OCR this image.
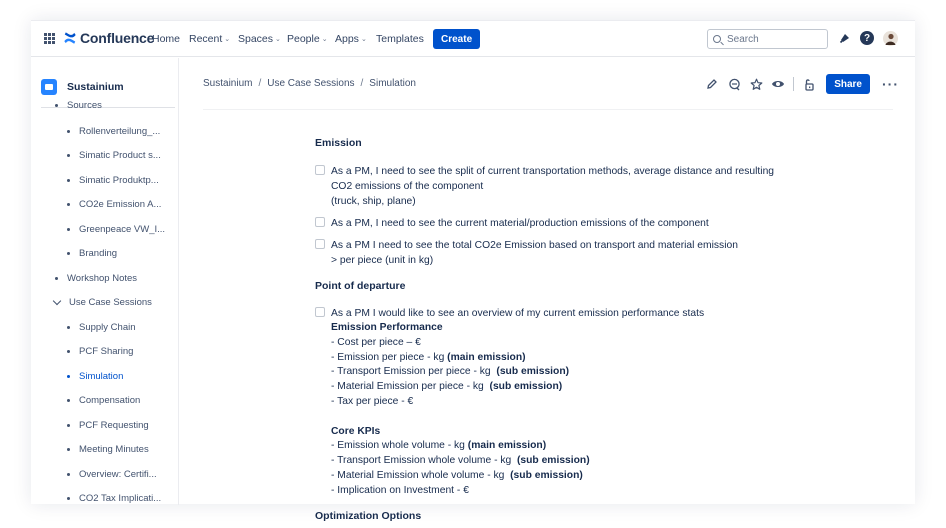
Confluence
Home Recent ⌄ Spaces ⌄ People ⌄ Apps ⌄ Templates	Create	Search	?
Sustainium
Sources
Rollenverteilung_...
Simatic Product s...
Simatic Produktp...
CO2e Emission A...
Greenpeace VW_I...
Branding
Workshop Notes
Use Case Sessions
Supply Chain
PCF Sharing
Simulation
Compensation
PCF Requesting
Meeting Minutes
Overview: Certifi...
CO2 Tax Implicati...
Sustainium / Use Case Sessions / Simulation	Share	···
Emission
As a PM, I need to see the split of current transportation methods, average distance and resulting
CO2 emissions of the component
(truck, ship, plane)
As a PM, I need to see the current material/production emissions of the component
As a PM I need to see the total CO2e Emission based on transport and material emission
> per piece (unit in kg)
Point of departure
As a PM I would like to see an overview of my current emission performance stats
Emission Performance
- Cost per piece – €
- Emission per piece - kg (main emission)
- Transport Emission per piece - kg  (sub emission)
- Material Emission per piece - kg  (sub emission)
- Tax per piece - €
Core KPIs
- Emission whole volume - kg (main emission)
- Transport Emission whole volume - kg  (sub emission)
- Material Emission whole volume - kg  (sub emission)
- Implication on Investment - €
Optimization Options
